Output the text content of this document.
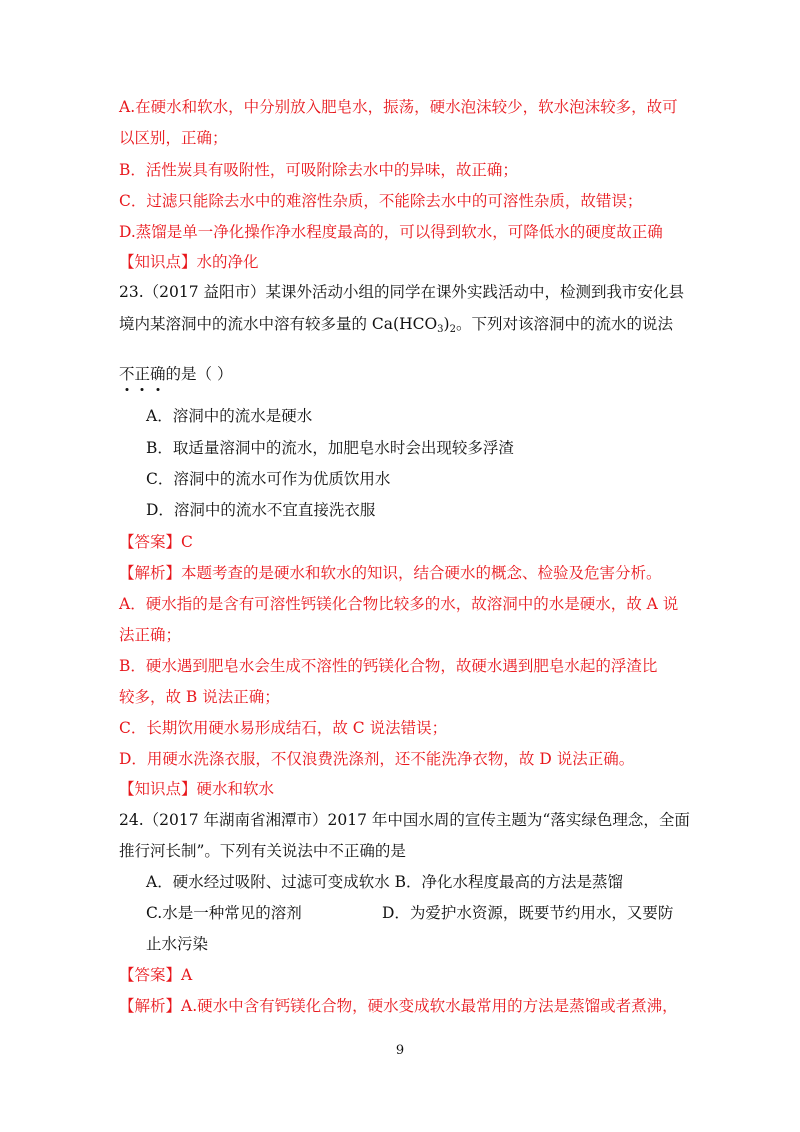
A.在硬水和软水，中分别放入肥皂水，振荡，硬水泡沫较少，软水泡沫较多，故可
以区别，正确；
B．活性炭具有吸附性，可吸附除去水中的异味，故正确；
C．过滤只能除去水中的难溶性杂质，不能除去水中的可溶性杂质，故错误；
D.蒸馏是单一净化操作净水程度最高的，可以得到软水，可降低水的硬度故正确
【知识点】水的净化
23.（2017 益阳市）某课外活动小组的同学在课外实践活动中，检测到我市安化县
境内某溶洞中的流水中溶有较多量的 $Ca(HCO_3)_2$。下列对该溶洞中的流水的说法
不正确的是（ ）
A．溶洞中的流水是硬水
B．取适量溶洞中的流水，加肥皂水时会出现较多浮渣
C．溶洞中的流水可作为优质饮用水
D．溶洞中的流水不宜直接洗衣服
【答案】C
【解析】本题考查的是硬水和软水的知识，结合硬水的概念、检验及危害分析。
A．硬水指的是含有可溶性钙镁化合物比较多的水，故溶洞中的水是硬水，故 A 说
法正确；
B．硬水遇到肥皂水会生成不溶性的钙镁化合物，故硬水遇到肥皂水起的浮渣比
较多，故 B 说法正确；
C．长期饮用硬水易形成结石，故 C 说法错误；
D．用硬水洗涤衣服，不仅浪费洗涤剂，还不能洗净衣物，故 D 说法正确。
【知识点】硬水和软水
24.（2017 年湖南省湘潭市）2017 年中国水周的宣传主题为“落实绿色理念，全面
推行河长制”。下列有关说法中不正确的是
A．硬水经过吸附、过滤可变成软水 B．净化水程度最高的方法是蒸馏
C.水是一种常见的溶剂	D．为爱护水资源，既要节约用水，又要防
止水污染
【答案】A
【解析】A.硬水中含有钙镁化合物，硬水变成软水最常用的方法是蒸馏或者煮沸，
9
